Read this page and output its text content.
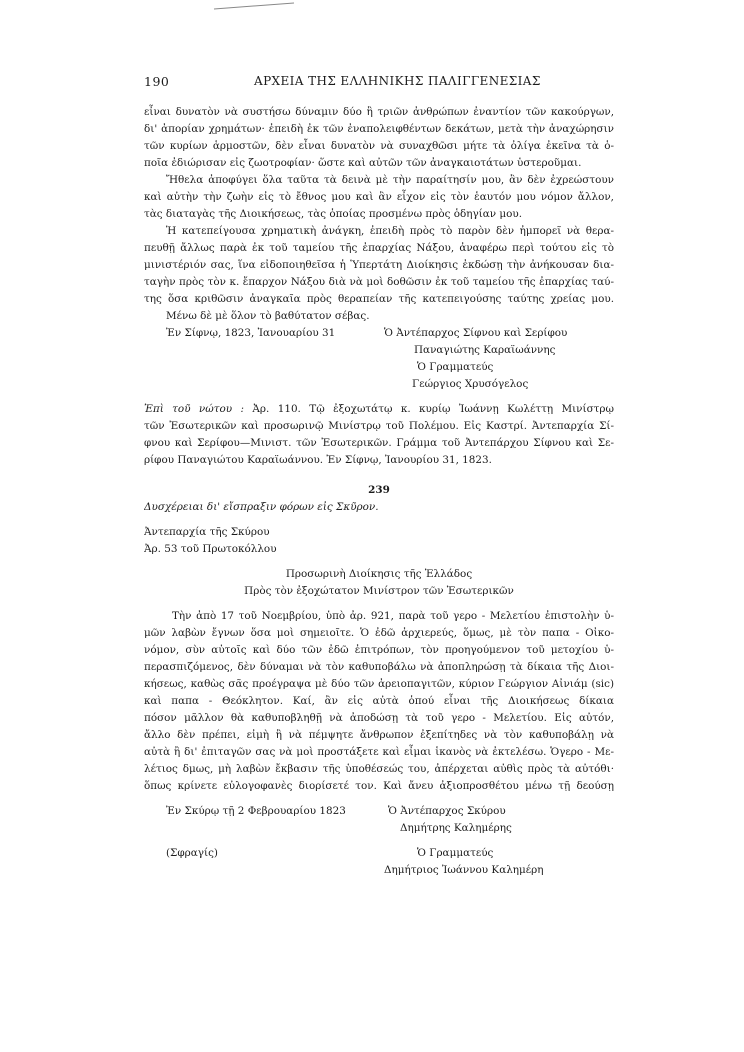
190	ΑΡΧΕΙΑ ΤΗΣ ΕΛΛΗΝΙΚΗΣ ΠΑΛΙΓΓΕΝΕΣΙΑΣ
εἶναι δυνατὸν νὰ συστήσω δύναμιν δύο ἢ τριῶν ἀνθρώπων ἐναντίον τῶν κακούργων,
δι' ἀπορίαν χρημάτων· ἐπειδὴ ἐκ τῶν ἐναπολειφθέντων δεκάτων, μετὰ τὴν ἀναχώρησιν
τῶν κυρίων ἁρμοστῶν, δὲν εἶναι δυνατὸν νὰ συναχθῶσι μήτε τὰ ὀλίγα ἐκεῖνα τὰ ὁ-
ποῖα ἐδιώρισαν εἰς ζωοτροφίαν· ὥστε καὶ αὐτῶν τῶν ἀναγκαιοτάτων ὑστεροῦμαι.
Ἤθελα ἀποφύγει ὅλα ταῦτα τὰ δεινὰ μὲ τὴν παραίτησίν μου, ἂν δὲν ἐχρεώστουν
καὶ αὐτὴν τὴν ζωὴν εἰς τὸ ἔθνος μου καὶ ἂν εἶχον εἰς τὸν ἑαυτόν μου νόμον ἄλλον,
τὰς διαταγὰς τῆς Διοικήσεως, τὰς ὁποίας προσμένω πρὸς ὁδηγίαν μου.
Ἡ κατεπείγουσα χρηματικὴ ἀνάγκη, ἐπειδὴ πρὸς τὸ παρὸν δὲν ἠμπορεῖ νὰ θερα-
πευθῇ ἄλλως παρὰ ἐκ τοῦ ταμείου τῆς ἐπαρχίας Νάξου, ἀναφέρω περὶ τούτου εἰς τὸ
μινιστέριόν σας, ἵνα εἰδοποιηθεῖσα ἡ Ὑπερτάτη Διοίκησις ἐκδώσῃ τὴν ἀνήκουσαν δια-
ταγὴν πρὸς τὸν κ. ἔπαρχον Νάξου διὰ νὰ μοὶ δοθῶσιν ἐκ τοῦ ταμείου τῆς ἐπαρχίας ταύ-
της ὅσα κριθῶσιν ἀναγκαῖα πρὸς θεραπείαν τῆς κατεπειγούσης ταύτης χρείας μου.
Μένω δὲ μὲ ὅλον τὸ βαθύτατον σέβας.
Ἐν Σίφνῳ, 1823, Ἰανουαρίου 31	Ὁ Ἀντέπαρχος Σίφνου καὶ Σερίφου
Παναγιώτης Καραϊωάννης
Ὁ Γραμματεύς
Γεώργιος Χρυσόγελος
Ἐπὶ τοῦ νώτου : Ἀρ. 110. Τῷ ἐξοχωτάτῳ κ. κυρίῳ Ἰωάννῃ Κωλέττῃ Μινίστρῳ
τῶν Ἐσωτερικῶν καὶ προσωρινῷ Μινίστρῳ τοῦ Πολέμου. Εἰς Καστρί. Ἀντεπαρχία Σί-
φνου καὶ Σερίφου—Μινιστ. τῶν Ἐσωτερικῶν. Γράμμα τοῦ Ἀντεπάρχου Σίφνου καὶ Σε-
ρίφου Παναγιώτου Καραϊωάννου. Ἐν Σίφνῳ, Ἰανουρίου 31, 1823.
239
Δυσχέρειαι δι' εἴσπραξιν φόρων εἰς Σκῦρον.
Ἀντεπαρχία τῆς Σκύρου
Ἀρ. 53 τοῦ Πρωτοκόλλου
Προσωρινὴ Διοίκησις τῆς Ἑλλάδος
Πρὸς τὸν ἐξοχώτατον Μινίστρον τῶν Ἐσωτερικῶν
Τὴν ἀπὸ 17 τοῦ Νοεμβρίου, ὑπὸ ἀρ. 921, παρὰ τοῦ γερο - Μελετίου ἐπιστολὴν ὑ-
μῶν λαβὼν ἔγνων ὅσα μοὶ σημειοῖτε. Ὁ ἐδῶ ἀρχιερεύς, ὅμως, μὲ τὸν παπα - Οἰκο-
νόμον, σὺν αὐτοῖς καὶ δύο τῶν ἐδῶ ἐπιτρόπων, τὸν προηγούμενον τοῦ μετοχίου ὑ-
περασπιζόμενος, δὲν δύναμαι νὰ τὸν καθυποβάλω νὰ ἀποπληρώσῃ τὰ δίκαια τῆς Διοι-
κήσεως, καθὼς σᾶς προέγραψα μὲ δύο τῶν ἀρειοπαγιτῶν, κύριον Γεώργιον Αἰνιάμ (sic)
καὶ παπα - Θεόκλητον. Καί, ἂν εἰς αὐτὰ ὁπού εἶναι τῆς Διοικήσεως δίκαια
πόσον μᾶλλον θὰ καθυποβληθῇ νὰ ἀποδώσῃ τὰ τοῦ γερο - Μελετίου. Εἰς αὐτόν,
ἄλλο δὲν πρέπει, εἰμὴ ἢ νὰ πέμψητε ἄνθρωπον ἐξεπίτηδες νὰ τὸν καθυποβάλῃ νὰ
αὐτὰ ἢ δι' ἐπιταγῶν σας νὰ μοὶ προστάξετε καὶ εἶμαι ἱκανὸς νὰ ἐκτελέσω. Ὁγερο - Με-
λέτιος δμως, μὴ λαβὼν ἔκβασιν τῆς ὑποθέσεώς του, ἀπέρχεται αὐθὶς πρὸς τὰ αὐτόθι·
ὅπως κρίνετε εὐλογοφανὲς διορίσετέ τον. Καὶ ἄνευ ἀξιοπροσθέτου μένω τῇ δεούσῃ
Ἐν Σκύρῳ τῇ 2 Φεβρουαρίου 1823	Ὁ Ἀντέπαρχος Σκύρου
Δημήτρης Καλημέρης
(Σφραγίς)	Ὁ Γραμματεύς
Δημήτριος Ἰωάννου Καλημέρη
